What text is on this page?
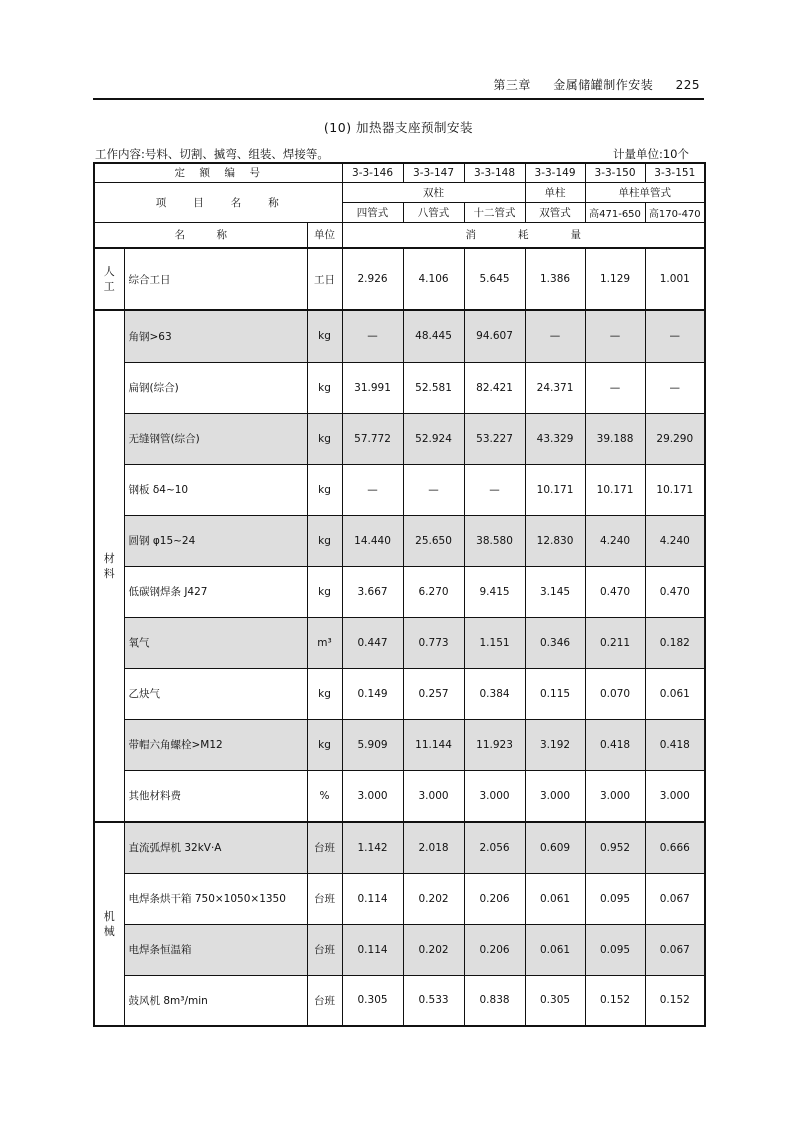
第三章 金属储罐制作安装 225
(10) 加热器支座预制安装
工作内容:号料、切割、揻弯、组装、焊接等。	计量单位:10个
定　额　编　号			3-3-146	3-3-147	3-3-148	3-3-149	3-3-150	3-3-151
项　　目　　名　　称			双柱			单柱	单柱单管式	
			四管式	八管式	十二管式	双管式	高471-650	高170-470
名　　　称		单位	消　　　　耗　　　　量					

人
工	综合工日	工日	2.926	4.106	5.645	1.386	1.129	1.001

材
料	角钢>63	kg	—	48.445	94.607	—	—	—
	扁钢(综合)	kg	31.991	52.581	82.421	24.371	—	—
	无缝钢管(综合)	kg	57.772	52.924	53.227	43.329	39.188	29.290
	钢板 δ4~10	kg	—	—	—	10.171	10.171	10.171
	圆钢 φ15~24	kg	14.440	25.650	38.580	12.830	4.240	4.240
	低碳钢焊条 J427	kg	3.667	6.270	9.415	3.145	0.470	0.470
	氧气	m³	0.447	0.773	1.151	0.346	0.211	0.182
	乙炔气	kg	0.149	0.257	0.384	0.115	0.070	0.061
	带帽六角螺栓>M12	kg	5.909	11.144	11.923	3.192	0.418	0.418
	其他材料费	%	3.000	3.000	3.000	3.000	3.000	3.000

机
械	直流弧焊机 32kV·A	台班	1.142	2.018	2.056	0.609	0.952	0.666
	电焊条烘干箱 750×1050×1350	台班	0.114	0.202	0.206	0.061	0.095	0.067
	电焊条恒温箱	台班	0.114	0.202	0.206	0.061	0.095	0.067
	鼓风机 8m³/min	台班	0.305	0.533	0.838	0.305	0.152	0.152
